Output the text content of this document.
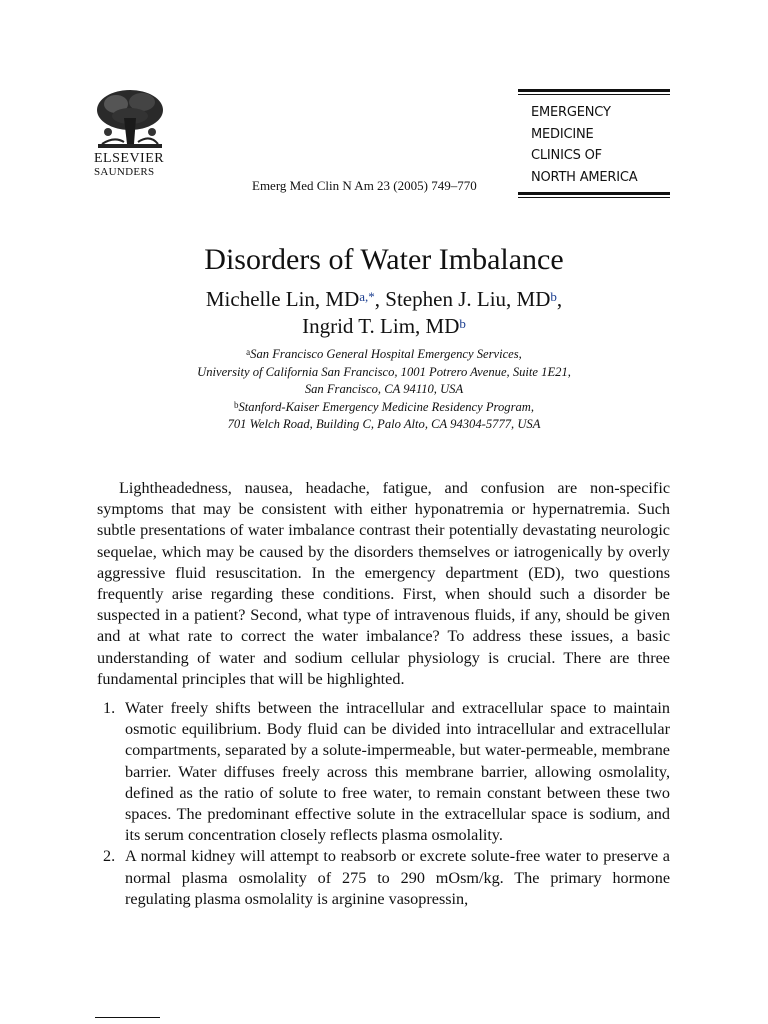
ELSEVIER
SAUNDERS
Emerg Med Clin N Am 23 (2005) 749–770
EMERGENCY
MEDICINE
CLINICS OF
NORTH AMERICA
Disorders of Water Imbalance
Michelle Lin, $MD^{a,*}$, Stephen J. Liu, $MD^b$,
Ingrid T. Lim, $MD^b$
$^a$San Francisco General Hospital Emergency Services,
University of California San Francisco, 1001 Potrero Avenue, Suite 1E21,
San Francisco, CA 94110, USA
$^b$Stanford-Kaiser Emergency Medicine Residency Program,
701 Welch Road, Building C, Palo Alto, CA 94304-5777, USA

Lightheadedness, nausea, headache, fatigue, and confusion are non-specific symptoms that may be consistent with either hyponatremia or hypernatremia. Such subtle presentations of water imbalance contrast their potentially devastating neurologic sequelae, which may be caused by the disorders themselves or iatrogenically by overly aggressive fluid resuscitation. In the emergency department (ED), two questions frequently arise regarding these conditions. First, when should such a disorder be suspected in a patient? Second, what type of intravenous fluids, if any, should be given and at what rate to correct the water imbalance? To address these issues, a basic understanding of water and sodium cellular physiology is crucial. There are three fundamental principles that will be highlighted.

1. Water freely shifts between the intracellular and extracellular space to maintain osmotic equilibrium. Body fluid can be divided into intracellular and extracellular compartments, separated by a solute-impermeable, but water-permeable, membrane barrier. Water diffuses freely across this membrane barrier, allowing osmolality, defined as the ratio of solute to free water, to remain constant between these two spaces. The predominant effective solute in the extracellular space is sodium, and its serum concentration closely reflects plasma osmolality.
2. A normal kidney will attempt to reabsorb or excrete solute-free water to preserve a normal plasma osmolality of 275 to 290 mOsm/kg. The primary hormone regulating plasma osmolality is arginine vasopressin,
